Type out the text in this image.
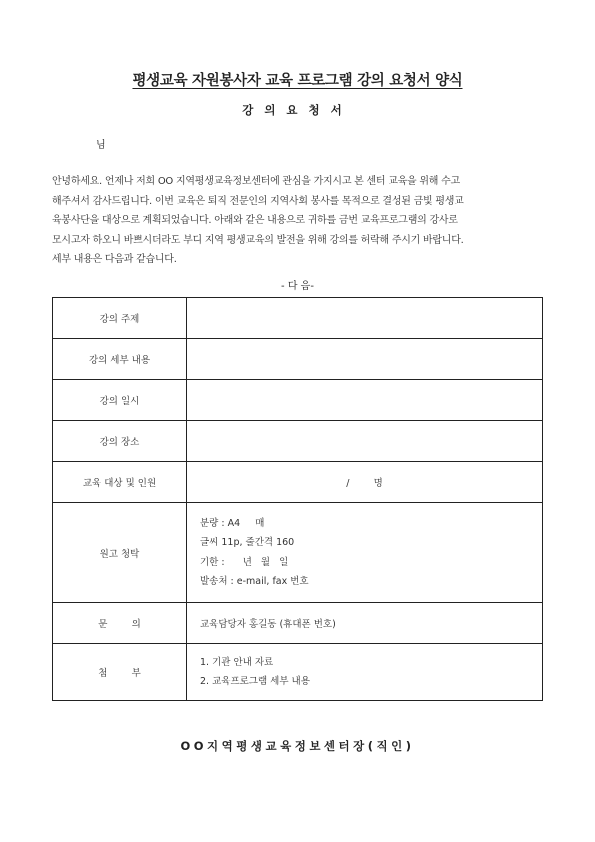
평생교육 자원봉사자 교육 프로그램 강의 요청서 양식
강의요청서
님
안녕하세요. 언제나 저희 OO 지역평생교육정보센터에 관심을 가지시고 본 센터 교육을 위해 수고
해주셔서 감사드립니다. 이번 교육은 퇴직 전문인의 지역사회 봉사를 목적으로 결성된 금빛 평생교
육봉사단을 대상으로 계획되었습니다. 아래와 같은 내용으로 귀하를 금번 교육프로그램의 강사로
모시고자 하오니 바쁘시더라도 부디 지역 평생교육의 발전을 위해 강의를 허락해 주시기 바랍니다.
세부 내용은 다음과 같습니다.
- 다 음-
강의 주제	
강의 세부 내용	
강의 일시	
강의 장소	
교육 대상 및 인원	/        명
원고 청탁	분량 : A4     매
글씨 11p, 줄간격 160
기한 :      년   월   일
발송처 : e-mail, fax 번호

문        의	교육담당자 홍길동 (휴대폰 번호)
첨        부	1. 기관 안내 자료
2. 교육프로그램 세부 내용
OO지역평생교육정보센터장(직인)
